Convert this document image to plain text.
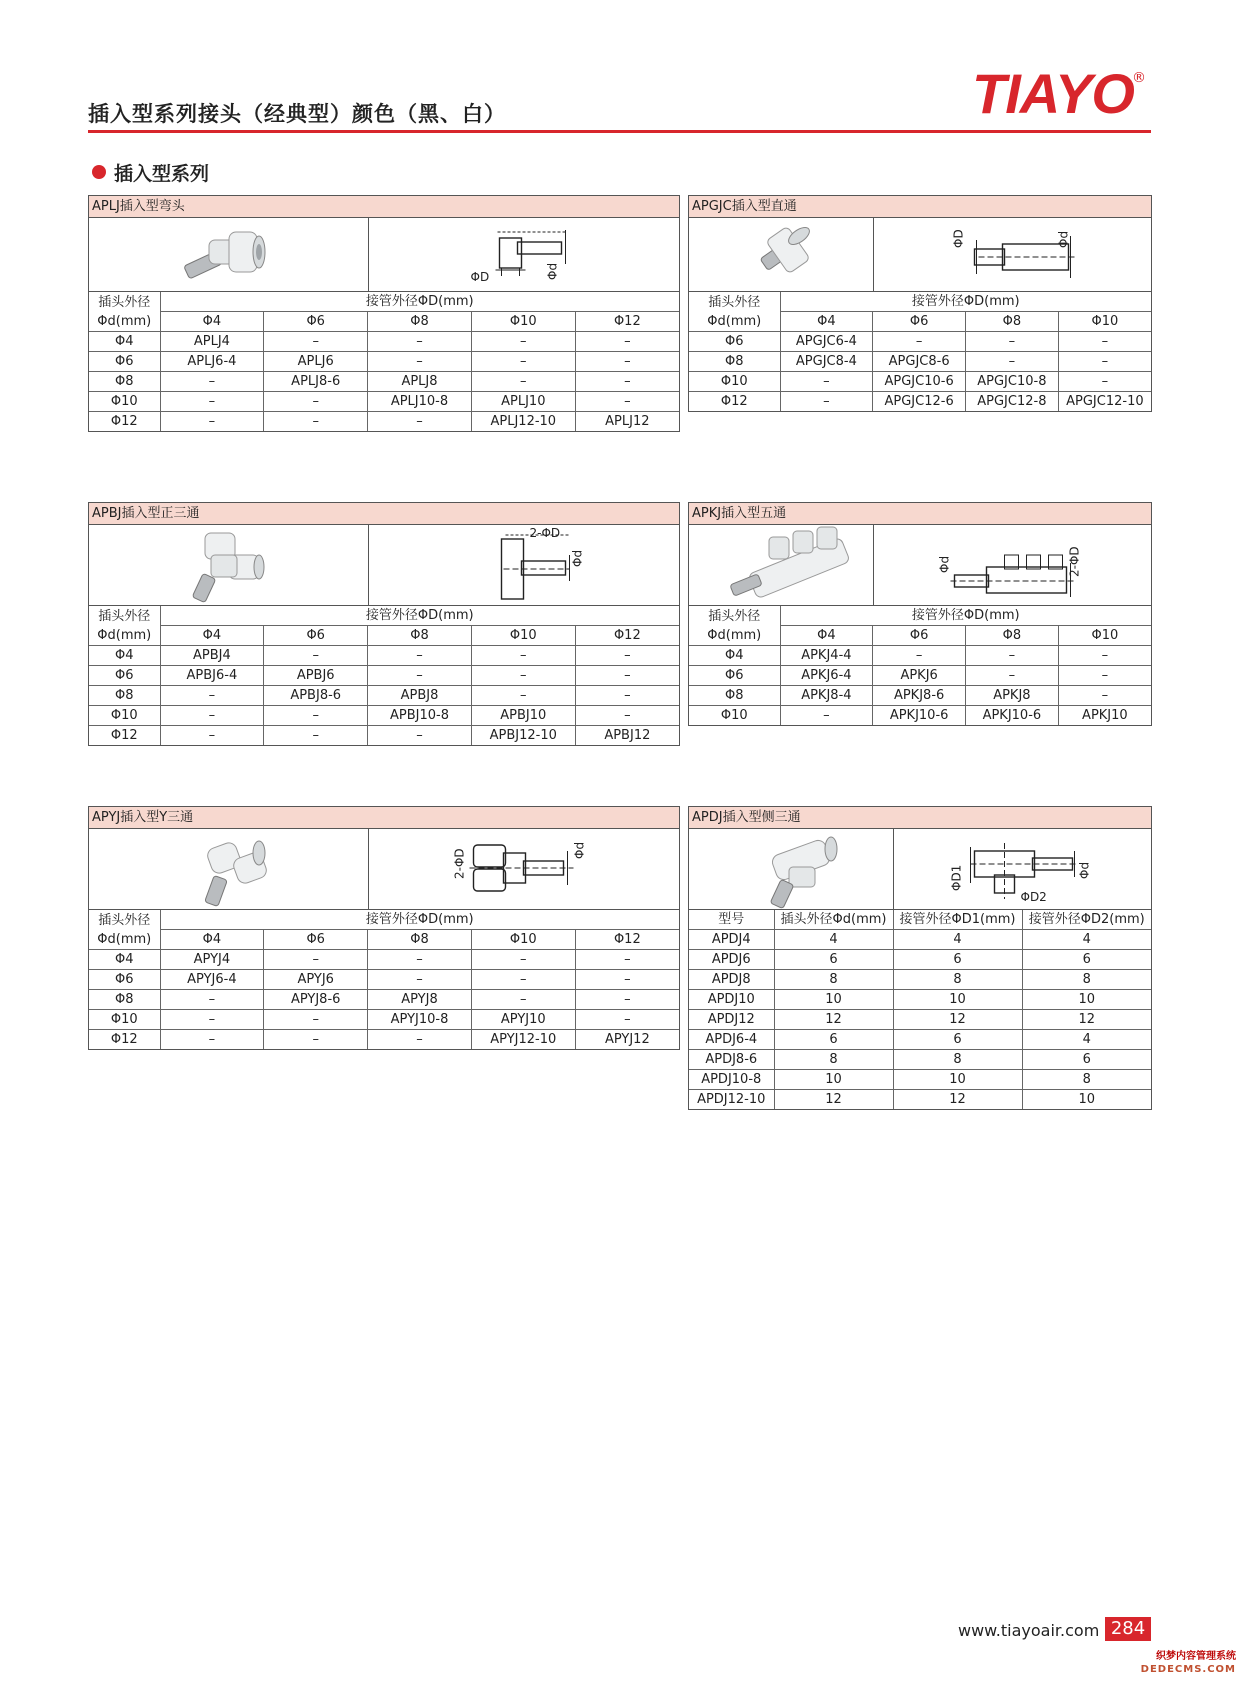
插入型系列接头（经典型）颜色（黑、白）	TIAYO
®
插入型系列
APLJ插入型弯头
ΦD	Φd
插头外径
Φd(mm)	接管外径ΦD(mm)				
	Φ4	Φ6	Φ8	Φ10	Φ12
Φ4	APLJ4	–	–	–	–
Φ6	APLJ6-4	APLJ6	–	–	–
Φ8	–	APLJ8-6	APLJ8	–	–
Φ10	–	–	APLJ10-8	APLJ10	–
Φ12	–	–	–	APLJ12-10	APLJ12
APGJC插入型直通
ΦD	Φd
插头外径
Φd(mm)	接管外径ΦD(mm)			
	Φ4	Φ6	Φ8	Φ10
Φ6	APGJC6-4	–	–	–
Φ8	APGJC8-4	APGJC8-6	–	–
Φ10	–	APGJC10-6	APGJC10-8	–
Φ12	–	APGJC12-6	APGJC12-8	APGJC12-10
APBJ插入型正三通
2-ΦD
Φd
插头外径
Φd(mm)	接管外径ΦD(mm)				
	Φ4	Φ6	Φ8	Φ10	Φ12
Φ4	APBJ4	–	–	–	–
Φ6	APBJ6-4	APBJ6	–	–	–
Φ8	–	APBJ8-6	APBJ8	–	–
Φ10	–	–	APBJ10-8	APBJ10	–
Φ12	–	–	–	APBJ12-10	APBJ12
APKJ插入型五通
Φd	2-ΦD
插头外径
Φd(mm)	接管外径ΦD(mm)			
	Φ4	Φ6	Φ8	Φ10
Φ4	APKJ4-4	–	–	–
Φ6	APKJ6-4	APKJ6	–	–
Φ8	APKJ8-4	APKJ8-6	APKJ8	–
Φ10	–	APKJ10-6	APKJ10-6	APKJ10
APYJ插入型Y三通
2-ΦD	Φd
插头外径
Φd(mm)	接管外径ΦD(mm)				
	Φ4	Φ6	Φ8	Φ10	Φ12
Φ4	APYJ4	–	–	–	–
Φ6	APYJ6-4	APYJ6	–	–	–
Φ8	–	APYJ8-6	APYJ8	–	–
Φ10	–	–	APYJ10-8	APYJ10	–
Φ12	–	–	–	APYJ12-10	APYJ12
APDJ插入型侧三通
ΦD1
ΦD2
Φd
型号	插头外径Φd(mm)	接管外径ΦD1(mm)	接管外径ΦD2(mm)
APDJ4	4	4	4
APDJ6	6	6	6
APDJ8	8	8	8
APDJ10	10	10	10
APDJ12	12	12	12
APDJ6-4	6	6	4
APDJ8-6	8	8	6
APDJ10-8	10	10	8
APDJ12-10	12	12	10
www.tiayoair.com 284
织梦内容管理系统
DEDECMS.COM
